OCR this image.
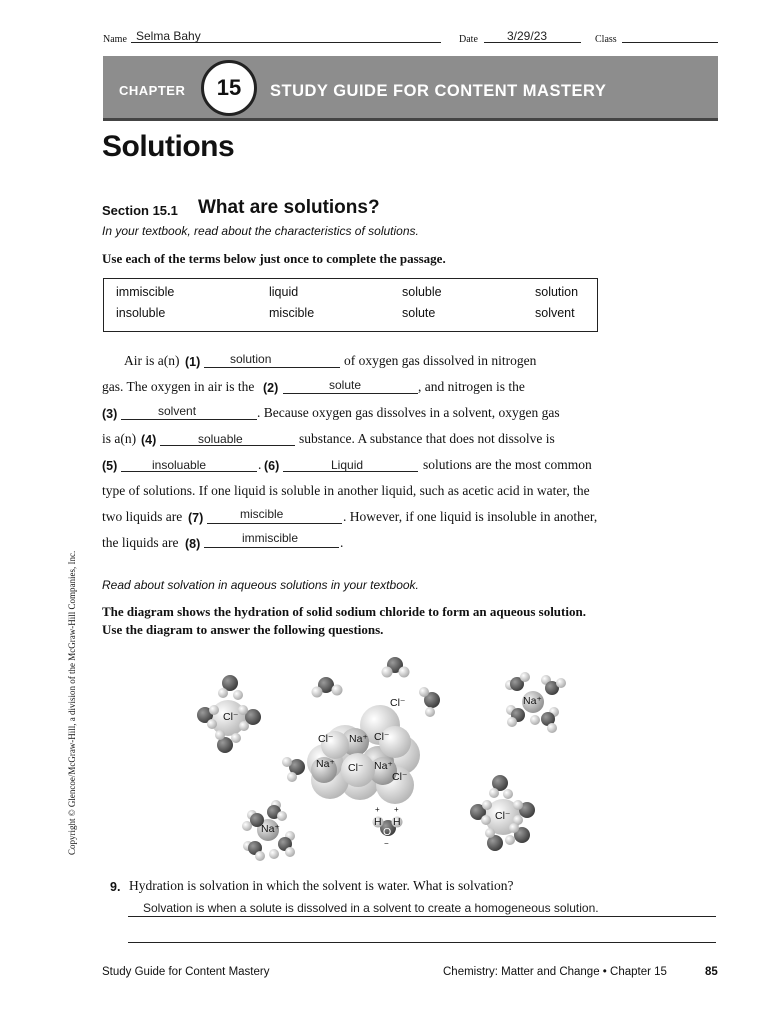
Name Selma Bahy	Date 3/29/23	Class
CHAPTER	15	STUDY GUIDE FOR CONTENT MASTERY
Solutions
Section 15.1 What are solutions?
In your textbook, read about the characteristics of solutions.
Use each of the terms below just once to complete the passage.
immiscible	liquid	soluble	solution
insoluble	miscible	solute	solvent
Air is a(n) (1) solution	of oxygen gas dissolved in nitrogen
gas. The oxygen in air is the (2)	solute	, and nitrogen is the
(3)	solvent	. Because oxygen gas dissolves in a solvent, oxygen gas
is a(n) (4)	soluable	substance. A substance that does not dissolve is
(5)	insoluable	. (6)	Liquid	solutions are the most common
type of solutions. If one liquid is soluble in another liquid, such as acetic acid in water, the
two liquids are (7)	miscible	. However, if one liquid is insoluble in another,
the liquids are (8)	immiscible	.
Read about solvation in aqueous solutions in your textbook.
The diagram shows the hydration of solid sodium chloride to form an aqueous solution.
Use the diagram to answer the following questions.
Cl⁻
Cl⁻
Cl⁻ Na⁺ Cl⁻
Na⁺ Cl⁻ Na⁺
Cl⁻
Na⁺
Na⁺
Cl⁻
H H
O
+ +
−
9. Hydration is solvation in which the solvent is water. What is solvation?
Solvation is when a solute is dissolved in a solvent to create a homogeneous solution.
Copyright © Glencoe/McGraw-Hill, a division of the McGraw-Hill Companies, Inc.
Study Guide for Content Mastery	Chemistry: Matter and Change • Chapter 15	85
